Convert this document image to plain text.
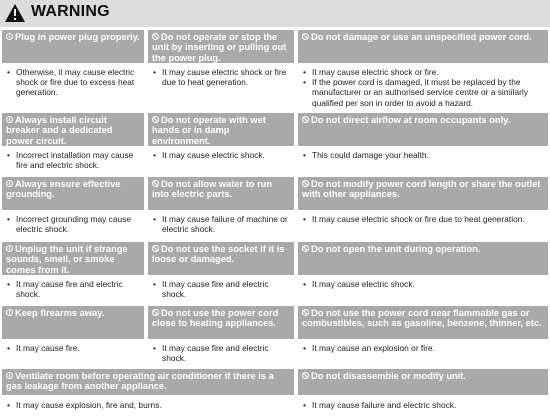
WARNING
Plug in power plug properly.
• Otherwise, it may cause electric shock or fire due to excess heat generation.
Do not operate or stop the unit by inserting or pulling out the power plug.
• It may cause electric shock or fire due to heat generation.
Do not damage or use an unspecified power cord.
• It may cause electric shock or fire.
• If the power cord is damaged, it must be replaced by the manufacturer or an authorised service centre or a similarly qualified per son in order to avoid a hazard.
Always install circuit breaker and a dedicated power circuit.
• Incorrect installation may cause fire and electric shock.
Do not operate with wet hands or in damp environment.
• It may cause electric shock.
Do not direct airflow at room occupants only.
• This could damage your health.
Always ensure effective grounding.
• Incorrect grounding may cause electric shock.
Do not allow water to run into electric parts.
• It may cause failure of machine or electric shock.
Do not modify power cord length or share the outlet with other appliances.
• It may cause electric shock or fire due to heat generation.
Unplug the unit if strange sounds, smell, or smoke comes from it.
• It may cause fire and electric shock.
Do not use the socket if it is loose or damaged.
• It may cause fire and electric shock.
Do not open the unit during operation.
• It may cause electric shock.
Keep firearms away.
• It may cause fire.
Do not use the power cord close to heating appliances.
• It may cause fire and electric shock.
Do not use the power cord near flammable gas or combustibles, such as gasoline, benzene, thinner, etc.
• It may cause an explosion or fire.
Ventilate room before operating air conditioner if there is a gas leakage from another appliance.
• It may cause explosion, fire and, burns.
Do not disassemble or modify unit.
• It may cause failure and electric shock.
